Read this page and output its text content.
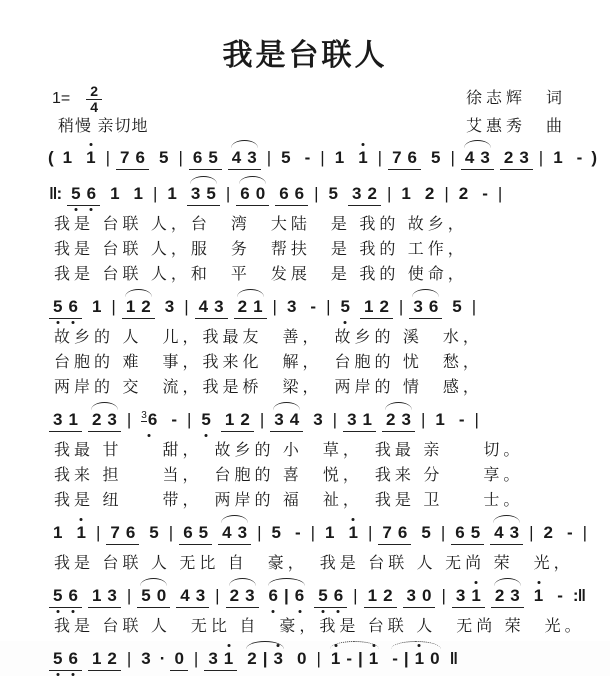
我是台联人
$1= \frac{2}{4}$	徐志辉　词
稍慢 亲切地	艾惠秀　曲
( 1 1 | 7 6 5 | 6 5 4 3 | 5 - | 1 1 | 7 6 5 | 4 3 2 3 | 1 - )
‖: 5 6 1 1 | 1 3 5 | 6 0 6 6 | 5 3 2 | 1 2 | 2 - |
我是 台联 人，台　湾　大陆　是 我的 故乡，
我是 台联 人，服　务　帮扶　是 我的 工作，
我是 台联 人，和　平　发展　是 我的 使命，
5 6 1 | 1 2 3 | 4 3 2 1 | 3 - | 5 1 2 | 3 6 5 |
故乡的 人　儿，我最友　善，　故乡的 溪　水，
台胞的 难　事，我来化　解，　台胞的 忧　愁，
两岸的 交　流，我是桥　梁，　两岸的 情　感，
3 1 2 3 |	$^3$6 - | 5 1 2 | 3 4 3 | 3 1 2 3 | 1 - |
我最 甘　　甜，　故乡的 小　草，　我最 亲　　切。
我来 担　　当，　台胞的 喜　悦，　我来 分　　享。
我是 纽　　带，　两岸的 福　祉，　我是 卫　　士。
1 1 | 7 6 5 | 6 5 4 3 | 5 - | 1 1 | 7 6 5 | 6 5 4 3 | 2 - |
我是 台联 人 无比 自　豪，　我是 台联 人 无尚 荣　光，
5 6 1 3 | 5 0 4 3 | 2 3 6 | 6 5 6 | 1 2 3 0 | 3 1 2 3 1 - :‖
我是 台联 人　无比 自　豪，我是 台联 人　无尚 荣　光。
5 6 1 2 | 3 · 0 | 3 1 2 | 3 0 | 1 - | 1 - | 1 0 ‖
